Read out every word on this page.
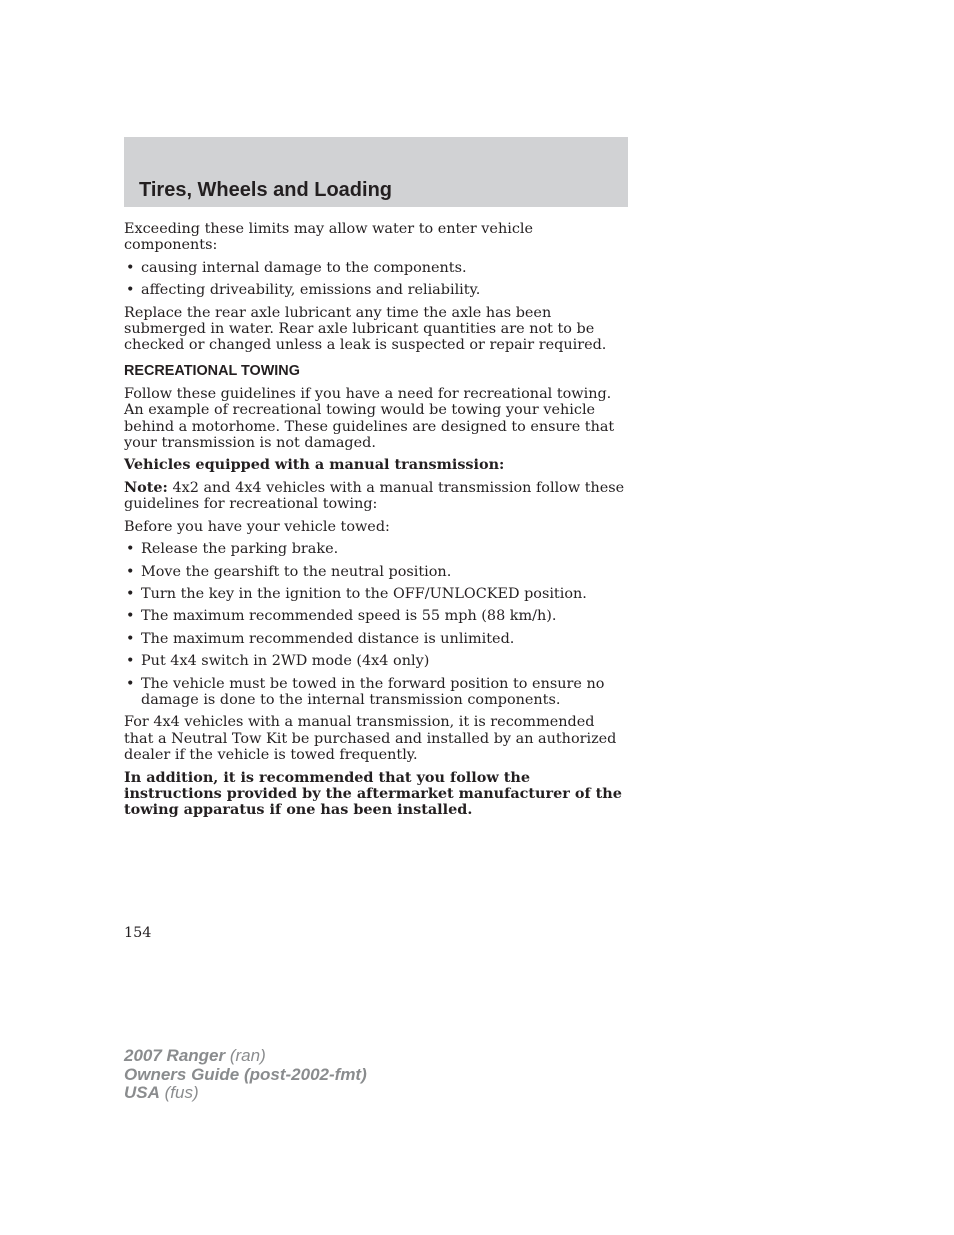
Tires, Wheels and Loading

Exceeding these limits may allow water to enter vehicle components:

• causing internal damage to the components.
• affecting driveability, emissions and reliability.

Replace the rear axle lubricant any time the axle has been submerged in water. Rear axle lubricant quantities are not to be checked or changed unless a leak is suspected or repair required.

RECREATIONAL TOWING

Follow these guidelines if you have a need for recreational towing. An example of recreational towing would be towing your vehicle behind a motorhome. These guidelines are designed to ensure that your transmission is not damaged.

Vehicles equipped with a manual transmission:

Note: 4x2 and 4x4 vehicles with a manual transmission follow these guidelines for recreational towing:

Before you have your vehicle towed:

• Release the parking brake.
• Move the gearshift to the neutral position.
• Turn the key in the ignition to the OFF/UNLOCKED position.
• The maximum recommended speed is 55 mph (88 km/h).
• The maximum recommended distance is unlimited.
• Put 4x4 switch in 2WD mode (4x4 only)
• The vehicle must be towed in the forward position to ensure no damage is done to the internal transmission components.

For 4x4 vehicles with a manual transmission, it is recommended that a Neutral Tow Kit be purchased and installed by an authorized dealer if the vehicle is towed frequently.

In addition, it is recommended that you follow the instructions provided by the aftermarket manufacturer of the towing apparatus if one has been installed.

154
2007 Ranger (ran)
Owners Guide (post-2002-fmt)
USA (fus)
